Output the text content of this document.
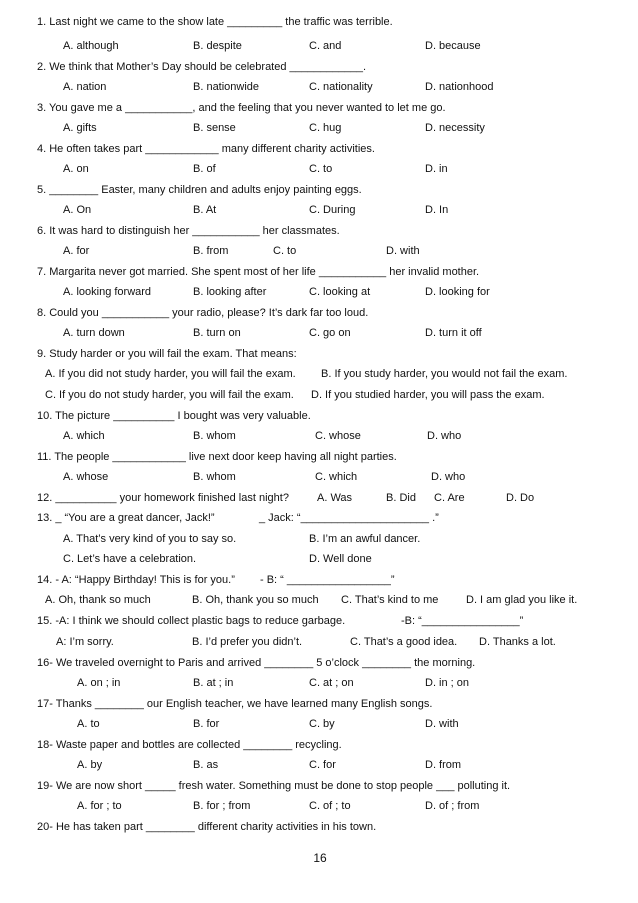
1. Last night we came to the show late _________ the traffic was terrible.
A. although	B. despite	C. and	D. because
2. We think that Mother’s Day should be celebrated ____________.
A. nation	B. nationwide	C. nationality	D. nationhood
3. You gave me a ___________, and the feeling that you never wanted to let me go.
A. gifts	B. sense	C. hug	D. necessity
4. He often takes part ____________ many different charity activities.
A. on	B. of	C. to	D. in
5. ________ Easter, many children and adults enjoy painting eggs.
A. On	B. At	C. During	D. In
6. It was hard to distinguish her ___________ her classmates.
A. for	B. from	C. to	D. with
7. Margarita never got married. She spent most of her life ___________ her invalid mother.
A. looking forward	B. looking after	C. looking at	D. looking for
8. Could you ___________ your radio, please? It’s dark far too loud.
A. turn down	B. turn on	C. go on	D. turn it off
9. Study harder or you will fail the exam. That means:
A. If you did not study harder, you will fail the exam. B. If you study harder, you would not fail the exam.
C. If you do not study harder, you will fail the exam. D. If you studied harder, you will pass the exam.
10. The picture __________ I bought was very valuable.
A. which	B. whom	C. whose	D. who
11. The people ____________ live next door keep having all night parties.
A. whose	B. whom	C. which	D. who
12. __________ your homework finished last night?	A. Was	B. Did C. Are	D. Do
13. _ “You are a great dancer, Jack!”	_ Jack: “_____________________ .”
A. That’s very kind of you to say so.	B. I’m an awful dancer.
C. Let’s have a celebration.	D. Well done
14. - A: “Happy Birthday! This is for you.” - B: “ _________________”
A. Oh, thank so much	B. Oh, thank you so much C. That’s kind to me	D. I am glad you like it.
15. -A: I think we should collect plastic bags to reduce garbage.	-B: “________________”
A: I’m sorry.	B. I’d prefer you didn’t.	C. That’s a good idea. D. Thanks a lot.
16- We traveled overnight to Paris and arrived ________ 5 o’clock ________ the morning.
A. on ; in	B. at ; in	C. at ; on	D. in ; on
17- Thanks ________ our English teacher, we have learned many English songs.
A. to	B. for	C. by	D. with
18- Waste paper and bottles are collected ________ recycling.
A. by	B. as	C. for	D. from
19- We are now short _____ fresh water. Something must be done to stop people ___ polluting it.
A. for ; to	B. for ; from	C. of ; to	D. of ; from
20- He has taken part ________ different charity activities in his town.
16
